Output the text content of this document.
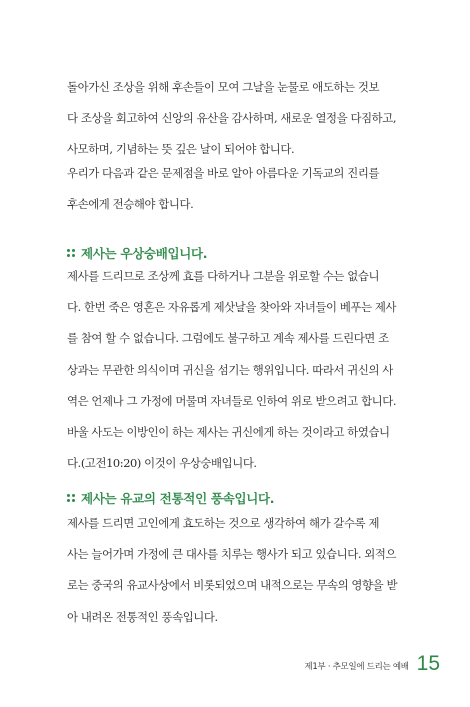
돌아가신 조상을 위해 후손들이 모여 그날을 눈물로 애도하는 것보
다 조상을 회고하여 신앙의 유산을 감사하며, 새로운 열정을 다짐하고,
사모하며, 기념하는 뜻 깊은 날이 되어야 합니다.
우리가 다음과 같은 문제점을 바로 알아 아름다운 기독교의 진리를
후손에게 전승해야 합니다.
제사는 우상숭배입니다.
제사를 드리므로 조상께 효를 다하거나 그분을 위로할 수는 없습니
다. 한번 죽은 영혼은 자유롭게 제삿날을 찾아와 자녀들이 베푸는 제사
를 참여 할 수 없습니다. 그럼에도 불구하고 계속 제사를 드린다면 조
상과는 무관한 의식이며 귀신을 섬기는 행위입니다. 따라서 귀신의 사
역은 언제나 그 가정에 머물며 자녀들로 인하여 위로 받으려고 합니다.
바울 사도는 이방인이 하는 제사는 귀신에게 하는 것이라고 하였습니
다.(고전10:20) 이것이 우상숭배입니다.
제사는 유교의 전통적인 풍속입니다.
제사를 드리면 고인에게 효도하는 것으로 생각하여 해가 갈수록 제
사는 늘어가며 가정에 큰 대사를 치루는 행사가 되고 있습니다. 외적으
로는 중국의 유교사상에서 비롯되었으며 내적으로는 무속의 영향을 받
아 내려온 전통적인 풍속입니다.
제1부 · 추모일에 드리는 예배 15
